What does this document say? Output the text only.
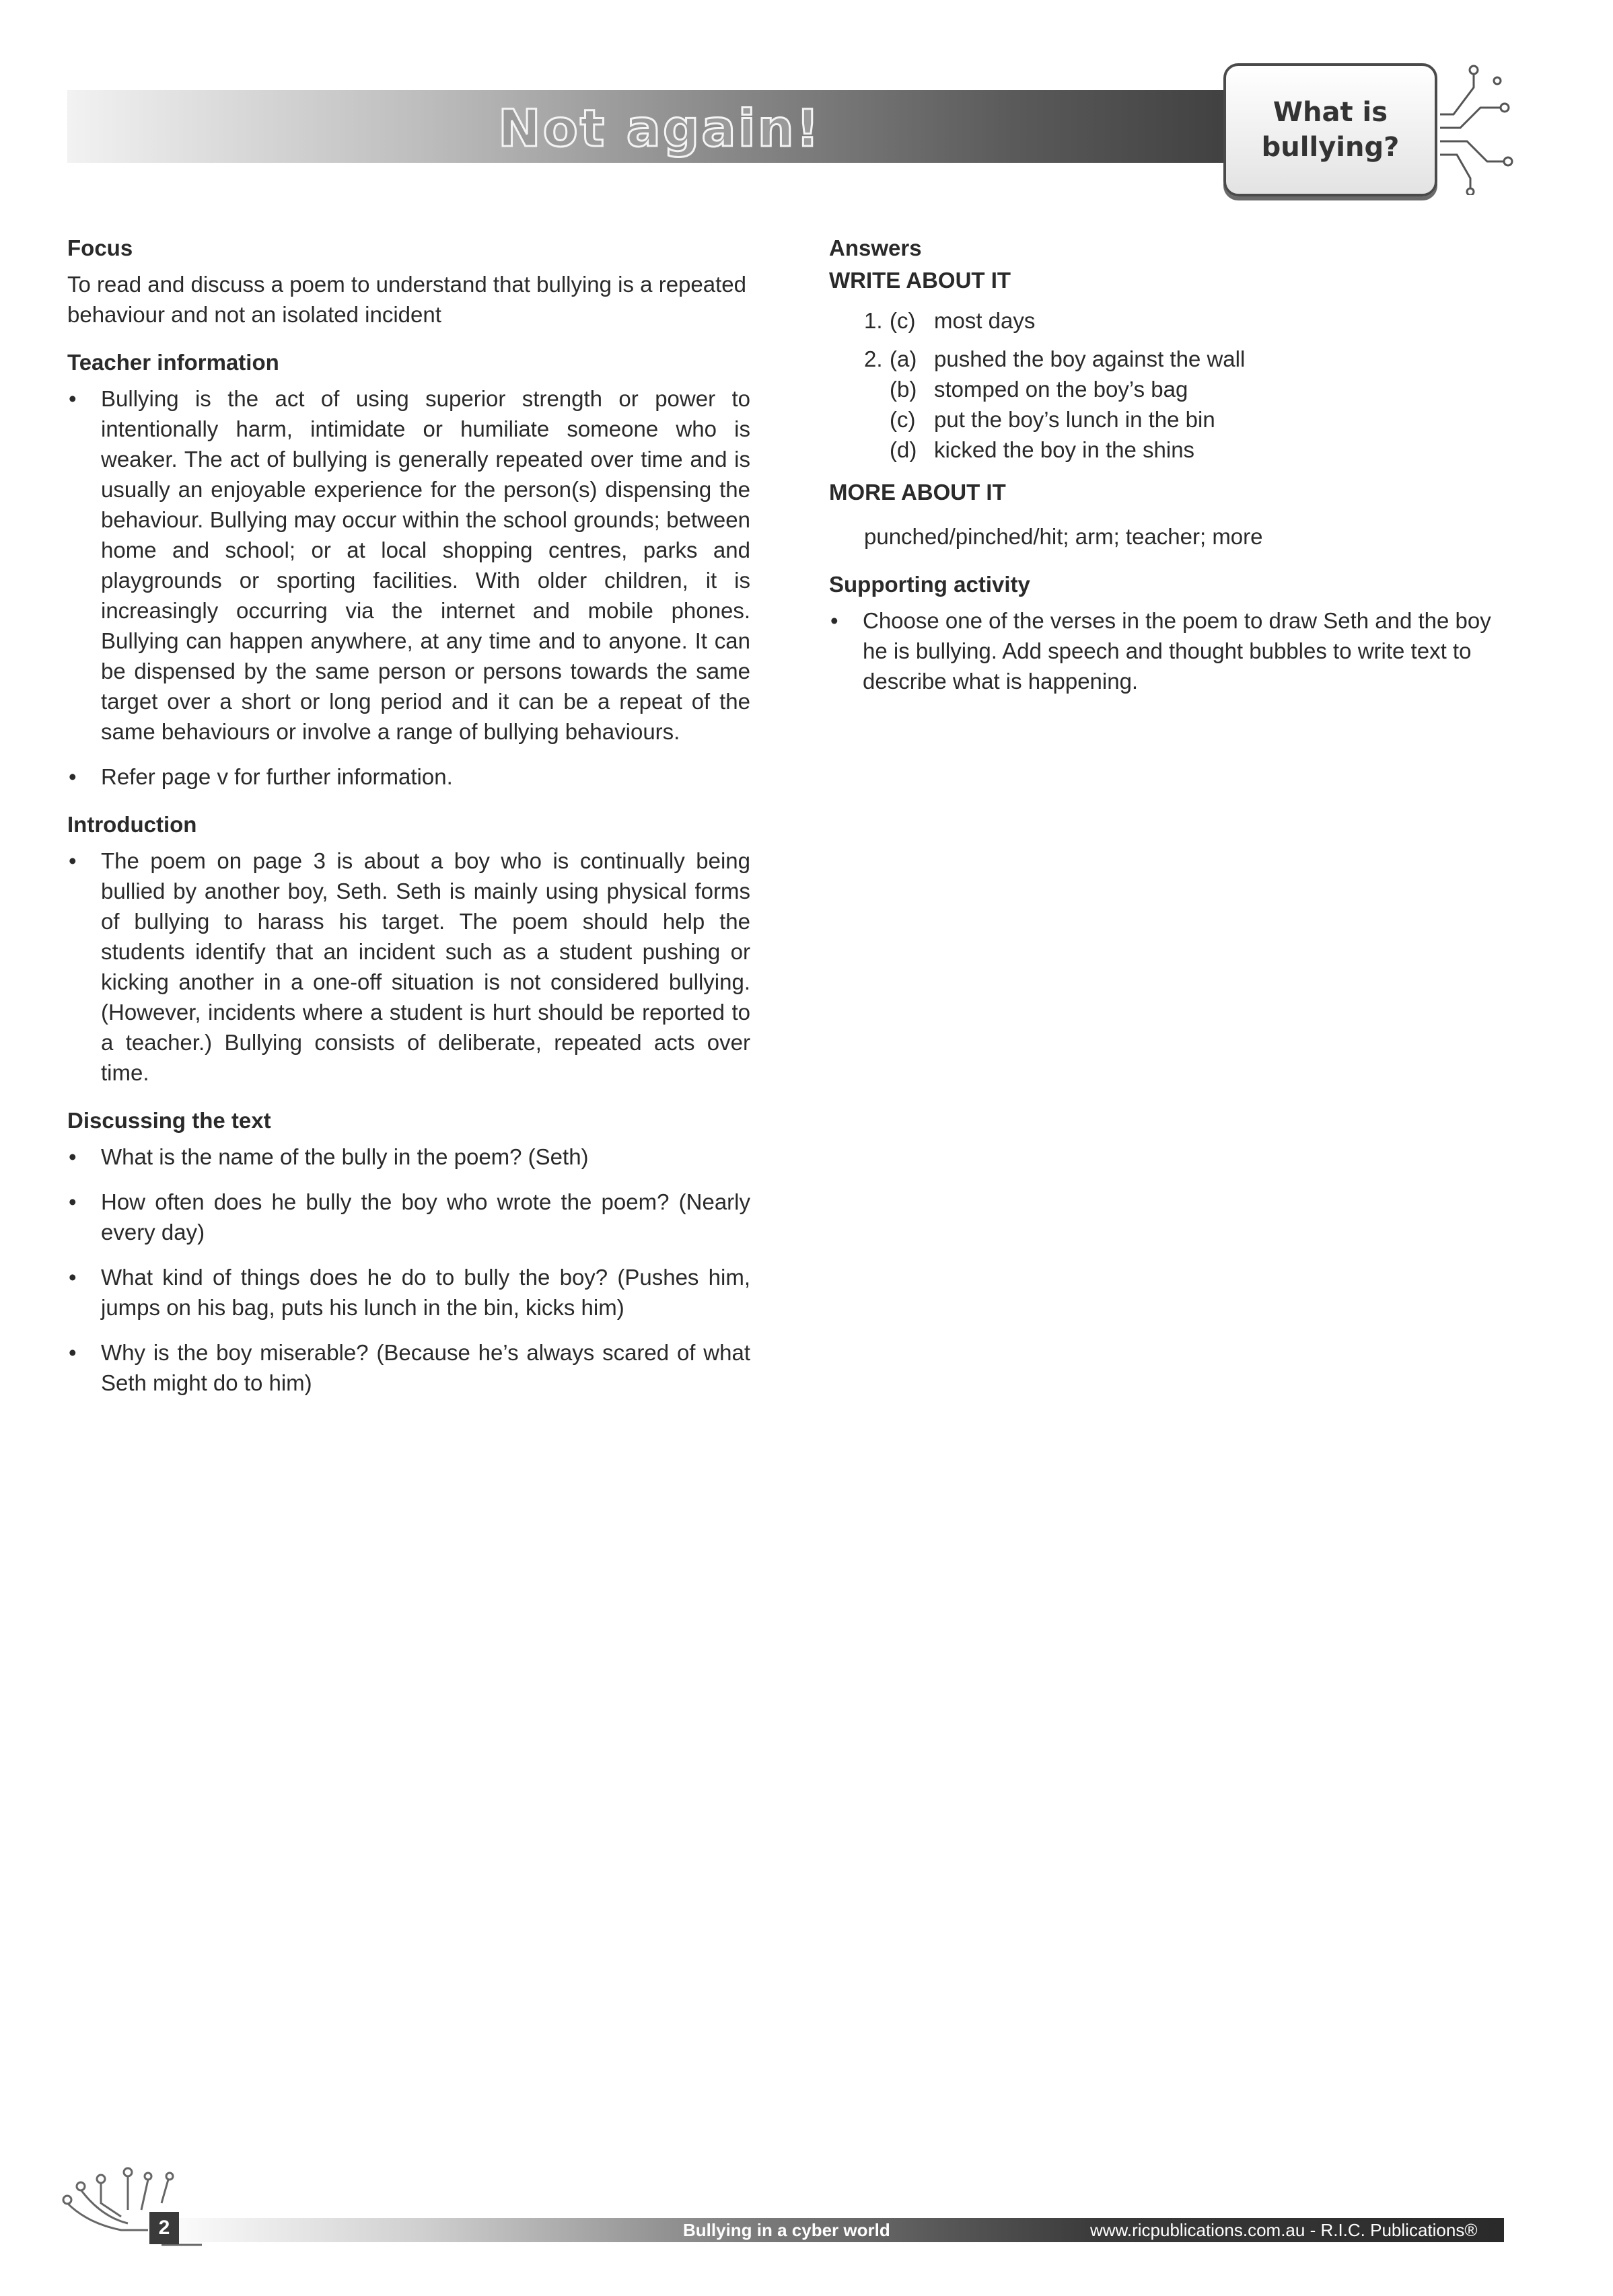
Not again!	What is bullying?
Focus

To read and discuss a poem to understand that bullying is a repeated behaviour and not an isolated incident

Teacher information
• Bullying is the act of using superior strength or power to intentionally harm, intimidate or humiliate someone who is weaker. The act of bullying is generally repeated over time and is usually an enjoyable experience for the person(s) dispensing the behaviour. Bullying may occur within the school grounds; between home and school; or at local shopping centres, parks and playgrounds or sporting facilities. With older children, it is increasingly occurring via the internet and mobile phones. Bullying can happen anywhere, at any time and to anyone. It can be dispensed by the same person or persons towards the same target over a short or long period and it can be a repeat of the same behaviours or involve a range of bullying behaviours.
• Refer page v for further information.
Introduction
• The poem on page 3 is about a boy who is continually being bullied by another boy, Seth. Seth is mainly using physical forms of bullying to harass his target. The poem should help the students identify that an incident such as a student pushing or kicking another in a one-off situation is not considered bullying. (However, incidents where a student is hurt should be reported to a teacher.) Bullying consists of deliberate, repeated acts over time.
Discussing the text
• What is the name of the bully in the poem? (Seth)
• How often does he bully the boy who wrote the poem? (Nearly every day)
• What kind of things does he do to bully the boy? (Pushes him, jumps on his bag, puts his lunch in the bin, kicks him)
• Why is the boy miserable? (Because he’s always scared of what Seth might do to him)
Answers
WRITE ABOUT IT
1. (c) most days
2. (a) pushed the boy against the wall
(b) stomped on the boy’s bag
(c) put the boy’s lunch in the bin
(d) kicked the boy in the shins
MORE ABOUT IT

punched/pinched/hit; arm; teacher; more

Supporting activity
• Choose one of the verses in the poem to draw Seth and the boy he is bullying. Add speech and thought bubbles to write text to describe what is happening.
2	Bullying in a cyber world	www.ricpublications.com.au - R.I.C. Publications®
